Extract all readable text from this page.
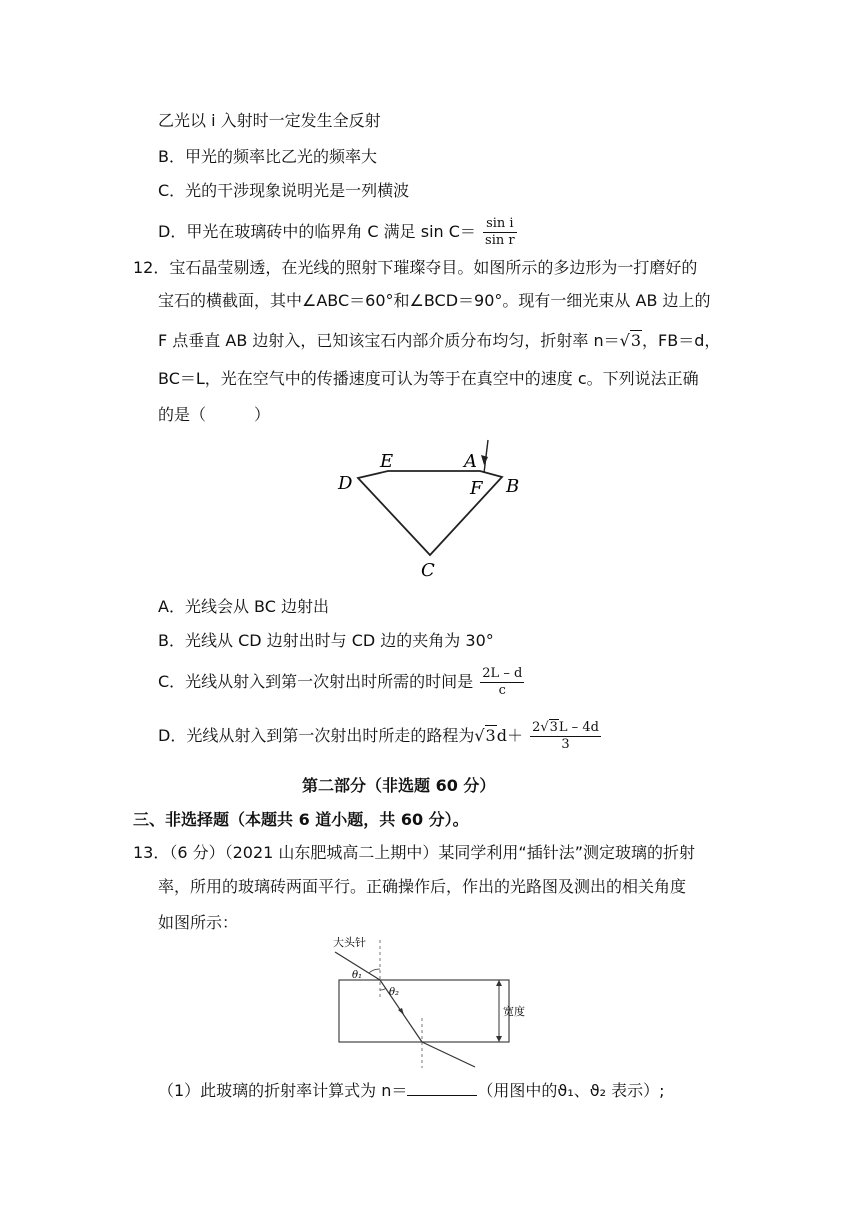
乙光以 i 入射时一定发生全反射
B．甲光的频率比乙光的频率大
C．光的干涉现象说明光是一列横波
D．甲光在玻璃砖中的临界角 C 满足 $\sin C= \frac{\text{sin i}}{\text{sin r}}$
12．宝石晶莹剔透，在光线的照射下璀璨夺目。如图所示的多边形为一打磨好的
宝石的横截面，其中∠ABC＝60°和∠BCD＝90°。现有一细光束从 AB 边上的
F 点垂直 AB 边射入，已知该宝石内部介质分布均匀，折射率 n＝√3，FB＝d，
BC＝L，光在空气中的传播速度可认为等于在真空中的速度 c。下列说法正确
的是（　　　）
D
E	A
F B
C
A．光线会从 BC 边射出
B．光线从 CD 边射出时与 CD 边的夹角为 30°
C．光线从射入到第一次射出时所需的时间是 $\frac{2L - d}{c}$
D．光线从射入到第一次射出时所走的路程为$√3d+ \frac{2√3L - 4d}{3}$
第二部分（非选题 60 分）
三、非选择题（本题共 6 道小题，共 60 分）。
13．（6 分）（2021 山东肥城高二上期中）某同学利用“插针法”测定玻璃的折射
率，所用的玻璃砖两面平行。正确操作后，作出的光路图及测出的相关角度
如图所示：
大头针
θ₁
θ₂
宽度
（1）此玻璃的折射率计算式为 n＝	（用图中的ϑ₁、ϑ₂ 表示）;
